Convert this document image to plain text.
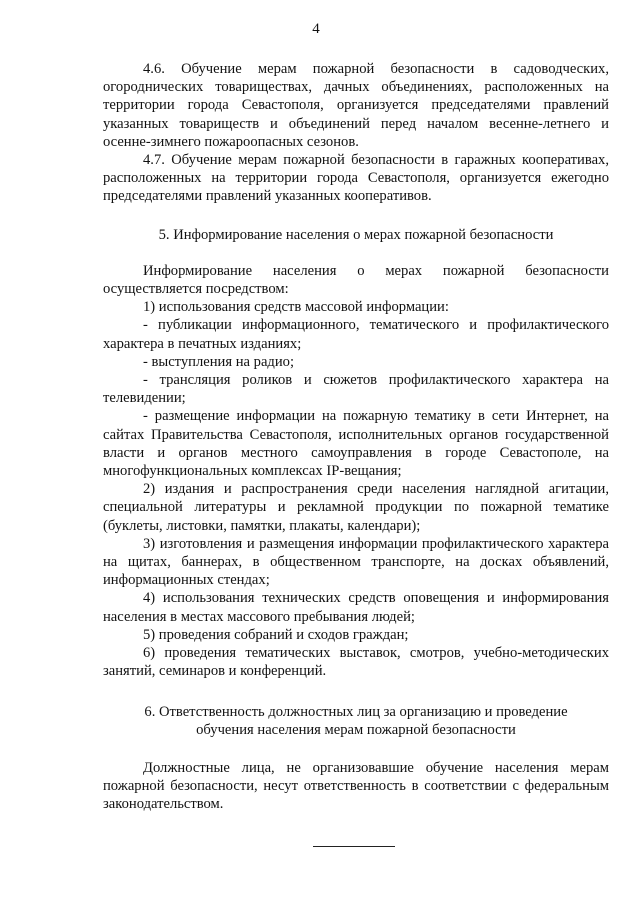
4

4.6. Обучение мерам пожарной безопасности в садоводческих, огороднических товариществах, дачных объединениях, расположенных на территории города Севастополя, организуется председателями правлений указанных товариществ и объединений перед началом весенне-летнего и осенне-зимнего пожароопасных сезонов.

4.7. Обучение мерам пожарной безопасности в гаражных кооперативах, расположенных на территории города Севастополя, организуется ежегодно председателями правлений указанных кооперативов.

5. Информирование населения о мерах пожарной безопасности

Информирование населения о мерах пожарной безопасности осуществляется посредством:

1) использования средств массовой информации:

- публикации информационного, тематического и профилактического характера в печатных изданиях;

- выступления на радио;

- трансляция роликов и сюжетов профилактического характера на телевидении;

- размещение информации на пожарную тематику в сети Интернет, на сайтах Правительства Севастополя, исполнительных органов государственной власти и органов местного самоуправления в городе Севастополе, на многофункциональных комплексах IP-вещания;

2) издания и распространения среди населения наглядной агитации, специальной литературы и рекламной продукции по пожарной тематике (буклеты, листовки, памятки, плакаты, календари);

3) изготовления и размещения информации профилактического характера на щитах, баннерах, в общественном транспорте, на досках объявлений, информационных стендах;

4) использования технических средств оповещения и информирования населения в местах массового пребывания людей;

5) проведения собраний и сходов граждан;

6) проведения тематических выставок, смотров, учебно-методических занятий, семинаров и конференций.

6. Ответственность должностных лиц за организацию и проведение

обучения населения мерам пожарной безопасности

Должностные лица, не организовавшие обучение населения мерам пожарной безопасности, несут ответственность в соответствии с федеральным законодательством.
